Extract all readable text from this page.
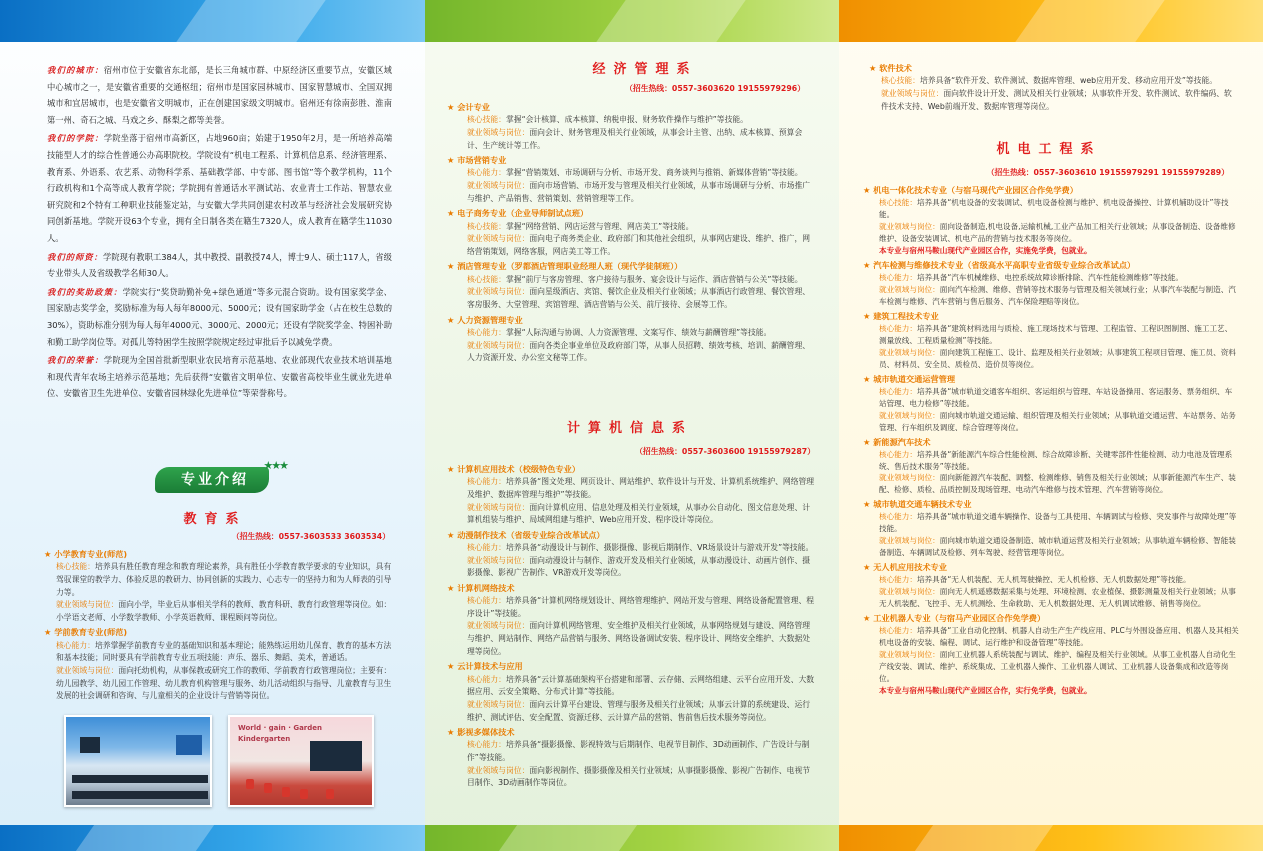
我们的城市：宿州市位于安徽省东北部，是长三角城市群、中原经济区重要节点，安徽区域中心城市之一，是安徽省重要的交通枢纽；宿州市是国家园林城市、国家智慧城市、全国双拥城市和宜居城市，也是安徽省文明城市，正在创建国家级文明城市。宿州还有徐南彭胜、淮南第一州、奇石之城、马戏之乡、酥梨之都等美誉。

我们的学院：学院坐落于宿州市高新区，占地960亩；始建于1950年2月，是一所培养高端技能型人才的综合性普通公办高职院校。学院设有“机电工程系、计算机信息系、经济管理系、教育系、外语系、农艺系、动物科学系、基础教学部、中专部、图书馆”等个教学机构，11个行政机构和1个高等成人教育学院；学院拥有普通话水平测试站、农业青士工作站、智慧农业研究院和2个特有工种职业技能鉴定站，与安徽大学共同创建农村改革与经济社会发展研究协同创新基地。学院开设63个专业，拥有全日制各类在籍生7320人，成人教育在籍学生11030人。

我们的师资：学院现有教职工384人，其中教授、副教授74人，博士9人、硕士117人，省级专业带头人及省级教学名师30人。

我们的奖助政策：学院实行“奖贷助勤补免+绿色通道”等多元混合资助。设有国家奖学金、国家励志奖学金，奖励标准为每人每年8000元、5000元；设有国家助学金（占在校生总数的30%），资助标准分别为每人每年4000元、3000元、2000元；还设有学院奖学金、特困补助和勤工助学岗位等。对孤儿等特困学生按照学院规定经过审批后予以减免学费。

我们的荣誉：学院现为全国首批新型职业农民培育示范基地、农业部现代农业技术培训基地和现代青年农场主培养示范基地；先后获得“安徽省文明单位、安徽省高校毕业生就业先进单位、安徽省卫生先进单位、安徽省园林绿化先进单位”等荣誉称号。

专业介绍
★★★
教育系
（招生热线：0557-3603533 3603534）
★ 小学教育专业(师范)
核心技能：培养具有胜任教育理念和教育理论素养，具有胜任小学教育教学要求的专业知识，具有驾驭课堂的教学力、体验反思的教研力、协同创新的实践力、心志专一的坚持力和为人师表的引导力等。
就业领域与岗位：面向小学，毕业后从事相关学科的教师、教育科研、教育行政管理等岗位。如：小学语文老师、小学数学教师、小学英语教师、课程顾问等岗位。
★ 学前教育专业(师范)
核心能力：培养掌握学前教育专业的基础知识和基本理论；能熟练运用幼儿保育、教育的基本方法和基本技能；同时要具有学前教育专业五项技能：声乐、器乐、舞蹈、美术，普通话。
就业领域与岗位：面向托幼机构，从事保教或研究工作的教师、学前教育行政管理岗位；主要有：幼儿园教学、幼儿园工作管理、幼儿教育机构管理与服务、幼儿活动组织与指导、儿童教育与卫生发展的社会调研和咨询、与儿童相关的企业设计与营销等岗位。
World · gain · Garden Kindergarten
经济管理系
（招生热线：0557-3603620 19155979296）
★ 会计专业
核心技能：掌握“会计核算、成本核算、纳税申报、财务软件操作与维护”等技能。
就业领域与岗位：面向会计、财务管理及相关行业领域，从事会计主管、出纳、成本核算、预算会计、生产统计等工作。
★ 市场营销专业
核心能力：掌握“营销策划、市场调研与分析、市场开发、商务谈判与推销、新媒体营销”等技能。
就业领域与岗位：面向市场营销、市场开发与管理及相关行业领域，从事市场调研与分析、市场推广与维护、产品销售、营销策划、营销管理等工作。
★ 电子商务专业（企业导师制试点班）
核心技能：掌握“网络营销、网店运营与管理、网店美工”等技能。
就业领域与岗位：面向电子商务类企业、政府部门和其他社会组织，从事网店建设、维护、推广，网络营销策划，网络客服，网店美工等工作。
★ 酒店管理专业（罗都酒店管理职业经理人班（现代学徒制班））
核心技能：掌握“前厅与客房管理、客户接待与服务、宴会设计与运作、酒店营销与公关”等技能。
就业领域与岗位：面向星级酒店、宾馆、餐饮企业及相关行业领域；从事酒店行政管理、餐饮管理、客房服务、大堂管理、宾馆管理、酒店营销与公关、前厅接待、会展等工作。
★ 人力资源管理专业
核心能力：掌握“人际沟通与协调、人力资源管理、文案写作、绩效与薪酬管理”等技能。
就业领域与岗位：面向各类企事业单位及政府部门等，从事人员招聘、绩效考核、培训、薪酬管理、人力资源开发、办公室文秘等工作。
计算机信息系
（招生热线：0557-3603600 19155979287）
★ 计算机应用技术（校级特色专业）
核心能力：培养具备“图文处理、网页设计、网站维护、软件设计与开发、计算机系统维护、网络管理及维护、数据库管理与维护”等技能。
就业领域与岗位：面向计算机应用、信息处理及相关行业领域，从事办公自动化、图文信息处理、计算机组装与维护、局域网组建与维护、Web应用开发、程序设计等岗位。
★ 动漫制作技术（省级专业综合改革试点）
核心能力：培养具备“动漫设计与制作、摄影摄像、影视后期制作、VR场景设计与游戏开发”等技能。
就业领域与岗位：面向动漫设计与制作、游戏开发及相关行业领域，从事动漫设计、动画片创作、摄影摄像、影视广告制作、VR游戏开发等岗位。
★ 计算机网络技术
核心能力：培养具备“计算机网络规划设计、网络管理维护、网站开发与管理、网络设备配置管理、程序设计”等技能。
就业领域与岗位：面向计算机网络管理、安全维护及相关行业领域，从事网络规划与建设、网络管理与维护、网站制作、网络产品营销与服务、网络设备调试安装、程序设计、网络安全维护、大数据处理等岗位。
★ 云计算技术与应用
核心能力：培养具备“云计算基础架构平台搭建和部署、云存储、云网络组建、云平台应用开发、大数据应用、云安全策略、分布式计算”等技能。
就业领域与岗位：面向云计算平台建设、管理与服务及相关行业领域；从事云计算的系统建设、运行维护、测试评估、安全配置、资源迁移、云计算产品的营销、售前售后技术服务等岗位。
★ 影视多媒体技术
核心能力：培养具备“摄影摄像、影视特效与后期制作、电视节目制作、3D动画制作、广告设计与制作”等技能。
就业领域与岗位：面向影视制作、摄影摄像及相关行业领域；从事摄影摄像、影视广告制作、电视节目制作、3D动画制作等岗位。
★ 软件技术
核心技能：培养具备“软件开发、软件测试、数据库管理、web应用开发、移动应用开发”等技能。
就业领域与岗位：面向软件设计开发、测试及相关行业领域；从事软件开发、软件测试、软件编码、软件技术支持、Web前端开发、数据库管理等岗位。
机电工程系
（招生热线：0557-3603610 19155979291 19155979289）
★ 机电一体化技术专业（与宿马现代产业园区合作免学费）
核心技能：培养具备“机电设备的安装调试、机电设备检测与维护、机电设备操控、计算机辅助设计”等技能。
就业领域与岗位：面向设备制造,机电设备,运输机械,工业产品加工相关行业领域；从事设备制造、设备维修维护、设备安装调试、机电产品的营销与技术服务等岗位。
本专业与宿州马鞍山现代产业园区合作，实施免学费，包就业。
★ 汽车检测与维修技术专业（省级高水平高职专业省级专业综合改革试点）
核心能力：培养具备“汽车机械维修、电控系统故障诊断排除、汽车性能检测维修”等技能。
就业领域与岗位：面向汽车检测、维修、营销等技术服务与管理及相关领域行业；从事汽车装配与制造、汽车检测与维修、汽车营销与售后服务、汽车保险理赔等岗位。
★ 建筑工程技术专业
核心能力：培养具备“建筑材料选用与质检、施工现场技术与管理、工程监管、工程识图制图、施工工艺、测量放线、工程质量检测”等技能。
就业领域与岗位：面向建筑工程施工、设计、监理及相关行业领域；从事建筑工程项目管理、施工员、资料员、材料员、安全员、质检员、造价员等岗位。
★ 城市轨道交通运营管理
核心能力：培养具备“城市轨道交通客车组织、客运组织与管理、车站设备操用、客运服务、票务组织、车站管理、电力检修”等技能。
就业领域与岗位：面向城市轨道交通运输、组织管理及相关行业领域；从事轨道交通运营、车站票务、站务管理、行车组织及调度、综合管理等岗位。
★ 新能源汽车技术
核心能力：培养具备“新能源汽车综合性能检测、综合故障诊断、关键零部件性能检测、动力电池及管理系统、售后技术服务”等技能。
就业领域与岗位：面向新能源汽车装配、调整、检测维修、销售及相关行业领域；从事新能源汽车生产、装配、检修、质检、品质控制及现场管理、电动汽车维修与技术管理、汽车营销等岗位。
★ 城市轨道交通车辆技术专业
核心能力：培养具备“城市轨道交通车辆操作、设备与工具使用、车辆调试与检修、突发事件与故障处理”等技能。
就业领域与岗位：面向城市轨道交通设备制造、城市轨道运营及相关行业领域；从事轨道车辆检修、智能装备制造、车辆调试及检修、列车驾驶、经营管理等岗位。
★ 无人机应用技术专业
核心能力：培养具备“无人机装配、无人机驾驶操控、无人机检修、无人机数据处理”等技能。
就业领域与岗位：面向无人机遥感数据采集与处理、环境检测、农业植保、摄影测量及相关行业领域；从事无人机装配、飞控手、无人机测绘、生命救助、无人机数据处理、无人机调试维修、销售等岗位。
★ 工业机器人专业（与宿马产业园区合作免学费）
核心能力：培养具备“工业自动化控制、机器人自动生产生产线应用、PLC与外围设备应用、机器人及其相关机电设备的安装、编程、调试、运行维护和设备管理”等技能。
就业领域与岗位：面向工业机器人系统装配与调试、维护、编程及相关行业领域。从事工业机器人自动化生产线安装、调试、维护、系统集成、工业机器人操作、工业机器人调试、工业机器人设备集成和改造等岗位。
本专业与宿州马鞍山现代产业园区合作，实行免学费，包就业。
